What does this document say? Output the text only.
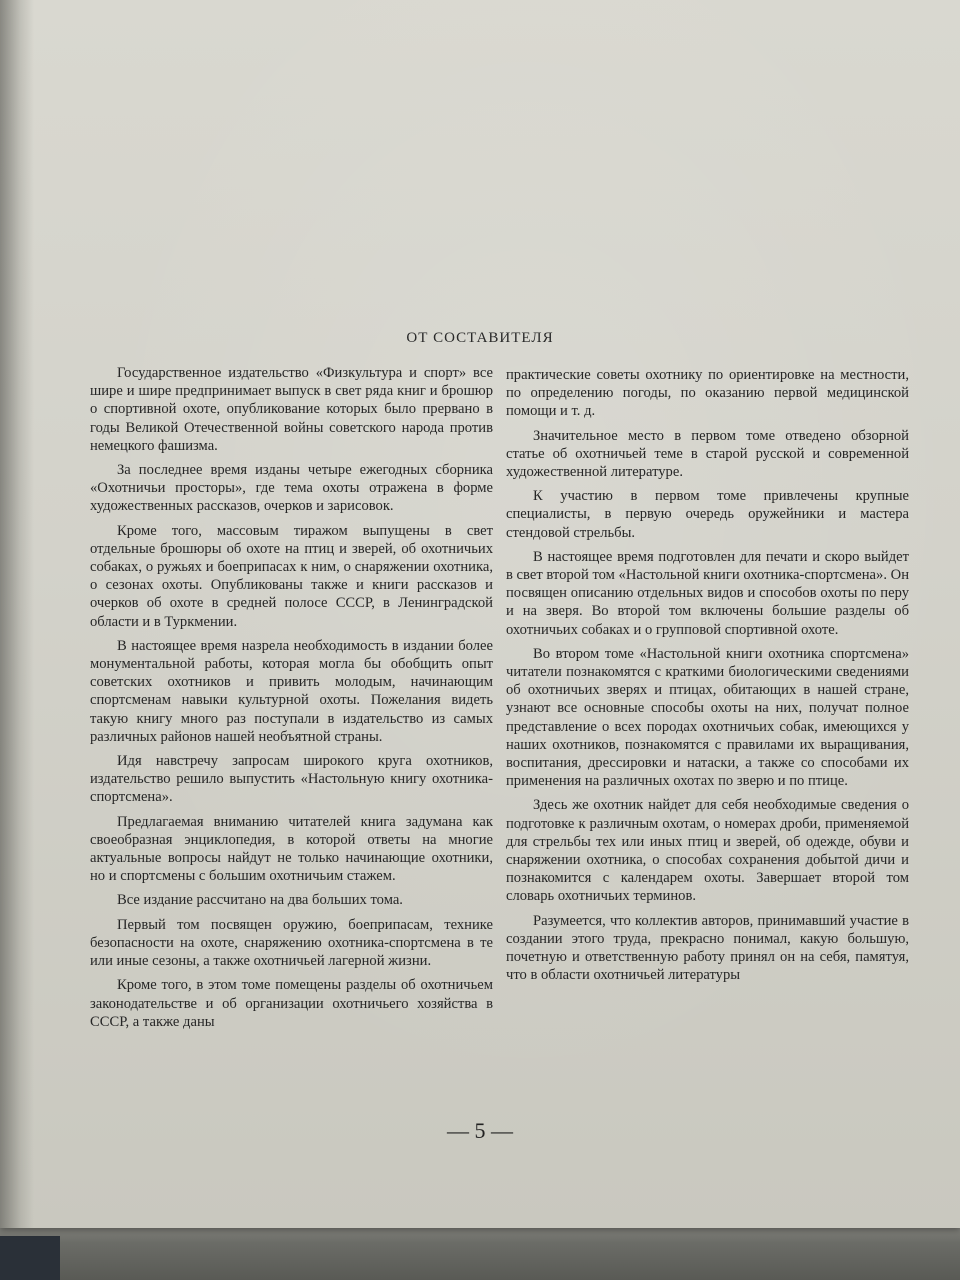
ОТ СОСТАВИТЕЛЯ

Государственное издательство «Физкультура и спорт» все шире и шире предпринимает выпуск в свет ряда книг и брошюр о спортивной охоте, опубликование которых было прервано в годы Великой Отечественной войны советского народа против немецкого фашизма.

За последнее время изданы четыре ежегодных сборника «Охотничьи просторы», где тема охоты отражена в форме художественных рассказов, очерков и зарисовок.

Кроме того, массовым тиражом выпущены в свет отдельные брошюры об охоте на птиц и зверей, об охотничьих собаках, о ружьях и боеприпасах к ним, о снаряжении охотника, о сезонах охоты. Опубликованы также и книги рассказов и очерков об охоте в средней полосе СССР, в Ленинградской области и в Туркмении.

В настоящее время назрела необходимость в издании более монументальной работы, которая могла бы обобщить опыт советских охотников и привить молодым, начинающим спортсменам навыки культурной охоты. Пожелания видеть такую книгу много раз поступали в издательство из самых различных районов нашей необъятной страны.

Идя навстречу запросам широкого круга охотников, издательство решило выпустить «Настольную книгу охотника-спортсмена».

Предлагаемая вниманию читателей книга задумана как своеобразная энциклопедия, в которой ответы на многие актуальные вопросы найдут не только начинающие охотники, но и спортсмены с большим охотничьим стажем.

Все издание рассчитано на два больших тома.

Первый том посвящен оружию, боеприпасам, технике безопасности на охоте, снаряжению охотника-спортсмена в те или иные сезоны, а также охотничьей лагерной жизни.

Кроме того, в этом томе помещены разделы об охотничьем законодательстве и об организации охотничьего хозяйства в СССР, а также даны

практические советы охотнику по ориентировке на местности, по определению погоды, по оказанию первой медицинской помощи и т. д.

Значительное место в первом томе отведено обзорной статье об охотничьей теме в старой русской и современной художественной литературе.

К участию в первом томе привлечены крупные специалисты, в первую очередь оружейники и мастера стендовой стрельбы.

В настоящее время подготовлен для печати и скоро выйдет в свет второй том «Настольной книги охотника-спортсмена». Он посвящен описанию отдельных видов и способов охоты по перу и на зверя. Во второй том включены большие разделы об охотничьих собаках и о групповой спортивной охоте.

Во втором томе «Настольной книги охотника спортсмена» читатели познакомятся с краткими биологическими сведениями об охотничьих зверях и птицах, обитающих в нашей стране, узнают все основные способы охоты на них, получат полное представление о всех породах охотничьих собак, имеющихся у наших охотников, познакомятся с правилами их выращивания, воспитания, дрессировки и натаски, а также со способами их применения на различных охотах по зверю и по птице.

Здесь же охотник найдет для себя необходимые сведения о подготовке к различным охотам, о номерах дроби, применяемой для стрельбы тех или иных птиц и зверей, об одежде, обуви и снаряжении охотника, о способах сохранения добытой дичи и познакомится с календарем охоты. Завершает второй том словарь охотничьих терминов.

Разумеется, что коллектив авторов, принимавший участие в создании этого труда, прекрасно понимал, какую большую, почетную и ответственную работу принял он на себя, памятуя, что в области охотничьей литературы

— 5 —
